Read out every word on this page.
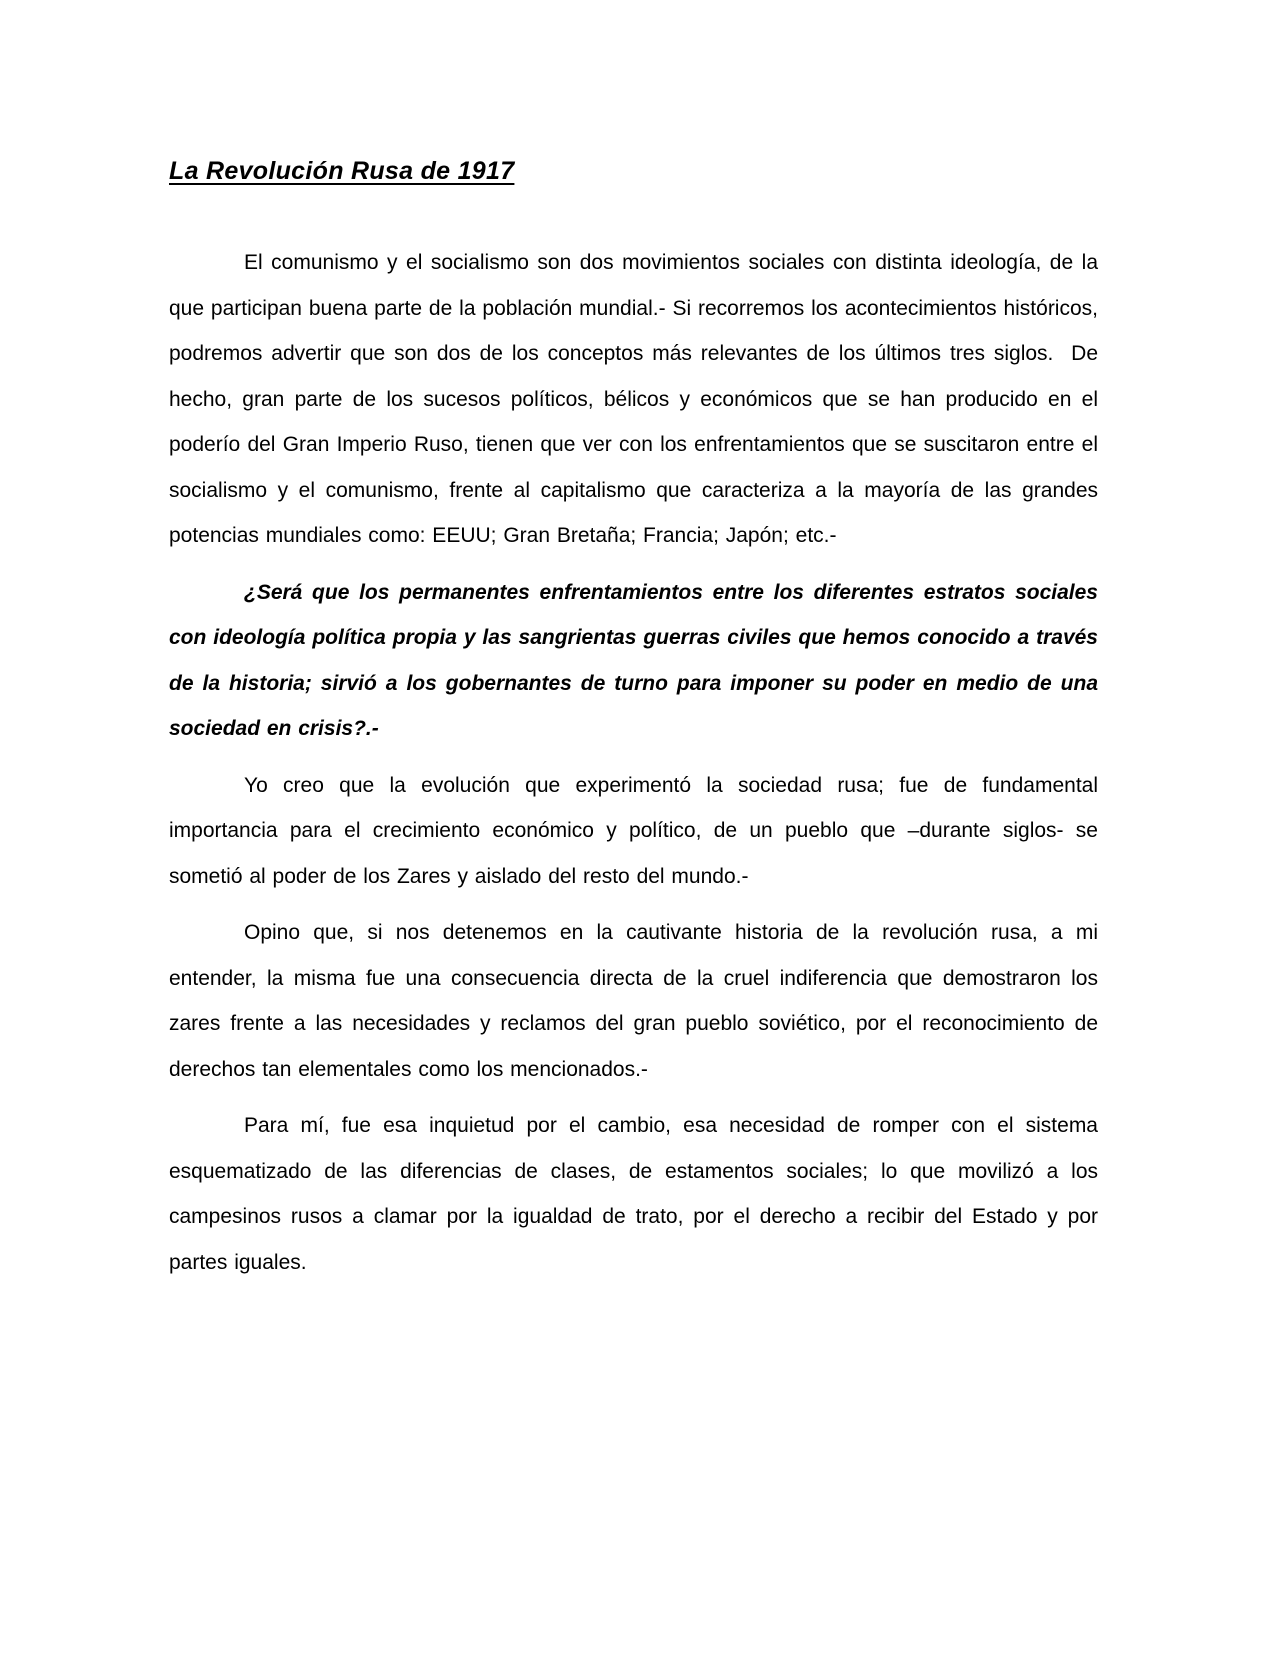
La Revolución Rusa de 1917

El comunismo y el socialismo son dos movimientos sociales con distinta ideología, de la que participan buena parte de la población mundial.- Si recorremos los acontecimientos históricos, podremos advertir que son dos de los conceptos más relevantes de los últimos tres siglos.  De hecho, gran parte de los sucesos políticos, bélicos y económicos que se han producido en el poderío del Gran Imperio Ruso, tienen que ver con los enfrentamientos que se suscitaron entre el socialismo y el comunismo, frente al capitalismo que caracteriza a la mayoría de las grandes potencias mundiales como: EEUU; Gran Bretaña; Francia; Japón; etc.-

¿Será que los permanentes enfrentamientos entre los diferentes estratos sociales con ideología política propia y las sangrientas guerras civiles que hemos conocido a través de la historia; sirvió a los gobernantes de turno para imponer su poder en medio de una sociedad en crisis?.-

Yo creo que la evolución que experimentó la sociedad rusa; fue de fundamental importancia para el crecimiento económico y político, de un pueblo que –durante siglos- se sometió al poder de los Zares y aislado del resto del mundo.-

Opino que, si nos detenemos en la cautivante historia de la revolución rusa, a mi entender, la misma fue una consecuencia directa de la cruel indiferencia que demostraron los zares frente a las necesidades y reclamos del gran pueblo soviético, por el reconocimiento de derechos tan elementales como los mencionados.-

Para mí, fue esa inquietud por el cambio, esa necesidad de romper con el sistema esquematizado de las diferencias de clases, de estamentos sociales; lo que movilizó a los campesinos rusos a clamar por la igualdad de trato, por el derecho a recibir del Estado y por partes iguales.
